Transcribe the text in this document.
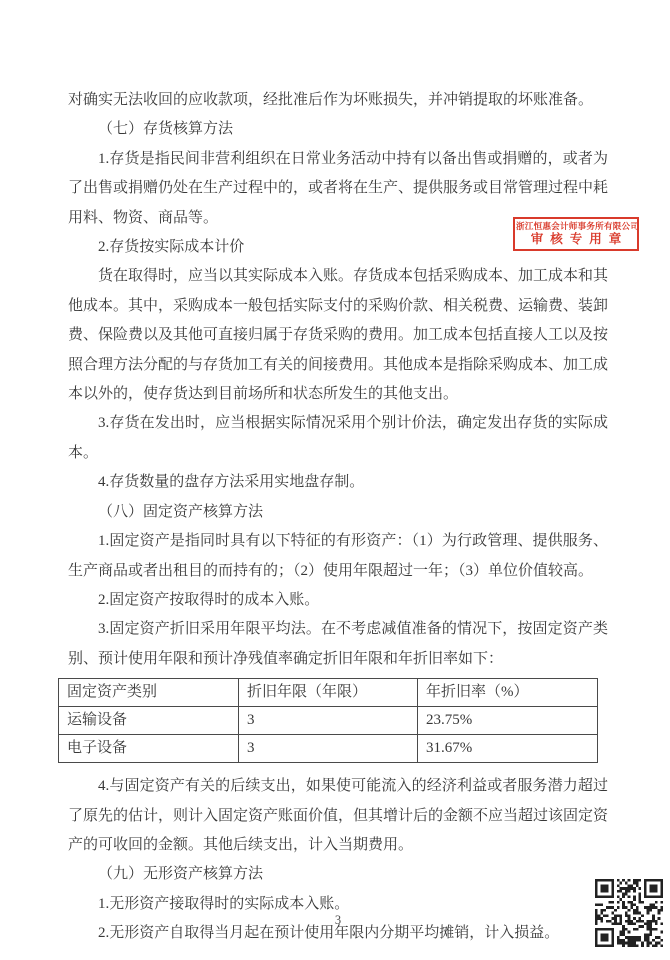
对确实无法收回的应收款项，经批准后作为坏账损失，并冲销提取的坏账准备。

（七）存货核算方法

1.存货是指民间非营利组织在日常业务活动中持有以备出售或捐赠的，或者为了出售或捐赠仍处在生产过程中的，或者将在生产、提供服务或目常管理过程中耗用料、物资、商品等。

2.存货按实际成本计价

货在取得时，应当以其实际成本入账。存货成本包括采购成本、加工成本和其他成本。其中，采购成本一般包括实际支付的采购价款、相关税费、运输费、装卸费、保险费以及其他可直接归属于存货采购的费用。加工成本包括直接人工以及按照合理方法分配的与存货加工有关的间接费用。其他成本是指除采购成本、加工成本以外的，使存货达到目前场所和状态所发生的其他支出。

3.存货在发出时，应当根据实际情况采用个别计价法，确定发出存货的实际成本。

4.存货数量的盘存方法采用实地盘存制。

（八）固定资产核算方法

1.固定资产是指同时具有以下特征的有形资产：（1）为行政管理、提供服务、生产商品或者出租目的而持有的；（2）使用年限超过一年；（3）单位价值较高。

2.固定资产按取得时的成本入账。

3.固定资产折旧采用年限平均法。在不考虑减值准备的情况下，按固定资产类别、预计使用年限和预计净残值率确定折旧年限和年折旧率如下：

固定资产类别	折旧年限（年限）	年折旧率（%）
运输设备	3	23.75%
电子设备	3	31.67%

4.与固定资产有关的后续支出，如果使可能流入的经济利益或者服务潜力超过了原先的估计，则计入固定资产账面价值，但其增计后的金额不应当超过该固定资产的可收回的金额。其他后续支出，计入当期费用。

（九）无形资产核算方法

1.无形资产接取得时的实际成本入账。

2.无形资产自取得当月起在预计使用年限内分期平均摊销，计入损益。

浙江恒惠会计师事务所有限公司
审核专用章
3
